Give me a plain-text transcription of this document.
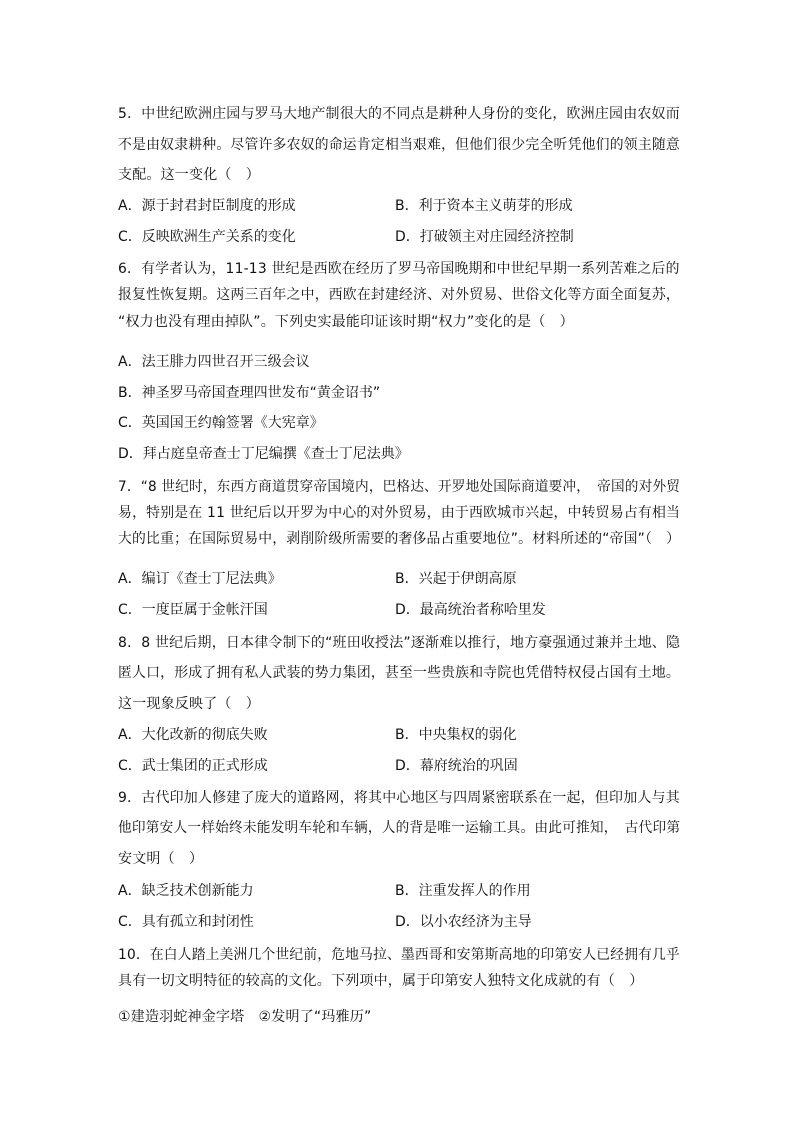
5．中世纪欧洲庄园与罗马大地产制很大的不同点是耕种人身份的变化，欧洲庄园由农奴而
不是由奴隶耕种。尽管许多农奴的命运肯定相当艰难，但他们很少完全听凭他们的领主随意
支配。这一变化（　）
A．源于封君封臣制度的形成	B．利于资本主义萌芽的形成
C．反映欧洲生产关系的变化	D．打破领主对庄园经济控制
6．有学者认为，11-13 世纪是西欧在经历了罗马帝国晚期和中世纪早期一系列苦难之后的
报复性恢复期。这两三百年之中，西欧在封建经济、对外贸易、世俗文化等方面全面复苏，
“权力也没有理由掉队”。下列史实最能印证该时期“权力”变化的是（　）
A．法王腓力四世召开三级会议
B．神圣罗马帝国查理四世发布“黄金诏书”
C．英国国王约翰签署《大宪章》
D．拜占庭皇帝查士丁尼编撰《查士丁尼法典》
7．“8 世纪时，东西方商道贯穿帝国境内，巴格达、开罗地处国际商道要冲，　帝国的对外贸
易，特别是在 11 世纪后以开罗为中心的对外贸易，由于西欧城市兴起，中转贸易占有相当
大的比重；在国际贸易中，剥削阶级所需要的奢侈品占重要地位”。材料所述的“帝国”（　）
A．编订《查士丁尼法典》	B．兴起于伊朗高原
C．一度臣属于金帐汗国	D．最高统治者称哈里发
8．8 世纪后期，日本律令制下的“班田收授法”逐渐难以推行，地方豪强通过兼并土地、隐
匿人口，形成了拥有私人武装的势力集团，甚至一些贵族和寺院也凭借特权侵占国有土地。
这一现象反映了（　）
A．大化改新的彻底失败	B．中央集权的弱化
C．武士集团的正式形成	D．幕府统治的巩固
9．古代印加人修建了庞大的道路网，将其中心地区与四周紧密联系在一起，但印加人与其
他印第安人一样始终未能发明车轮和车辆，人的背是唯一运输工具。由此可推知，　古代印第
安文明（　）
A．缺乏技术创新能力	B．注重发挥人的作用
C．具有孤立和封闭性	D．以小农经济为主导
10．在白人踏上美洲几个世纪前，危地马拉、墨西哥和安第斯高地的印第安人已经拥有几乎
具有一切文明特征的较高的文化。下列项中，属于印第安人独特文化成就的有（　）
①建造羽蛇神金字塔　②发明了“玛雅历”
